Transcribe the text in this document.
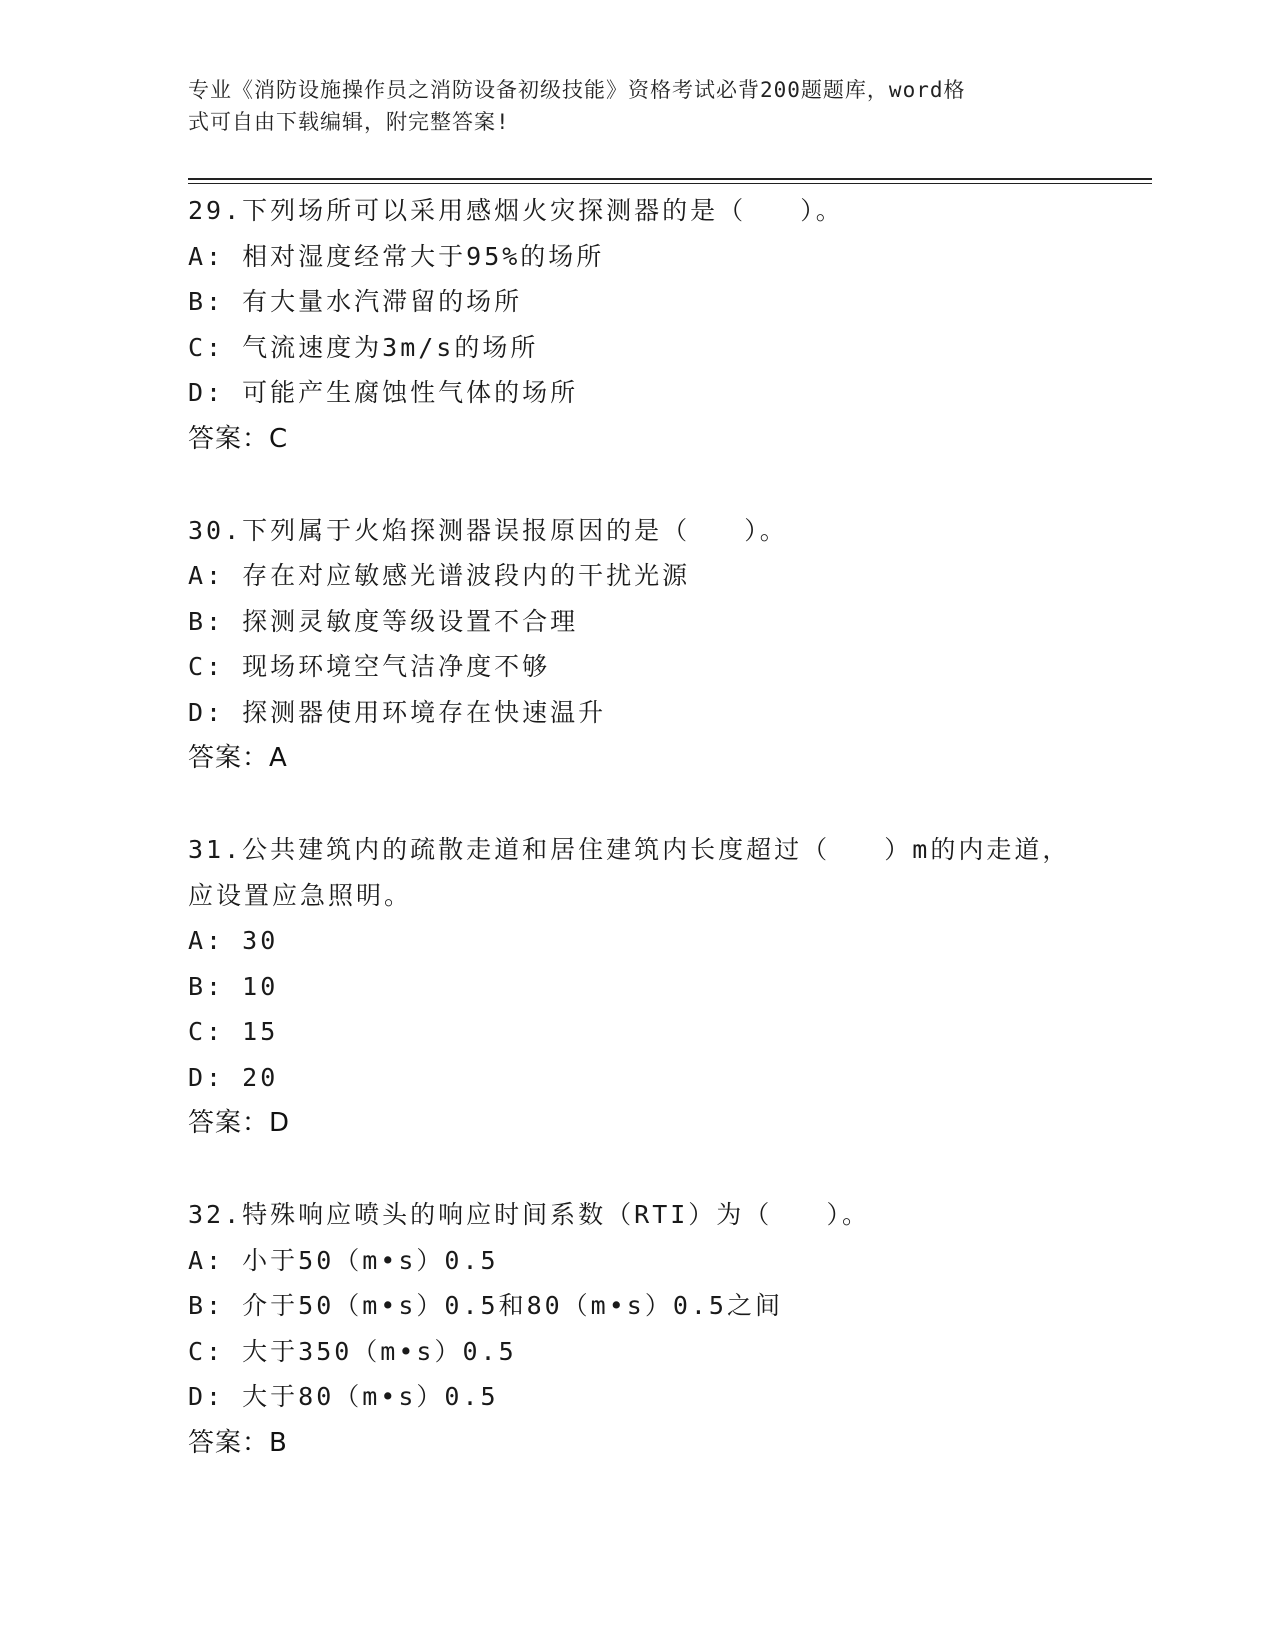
专业《消防设施操作员之消防设备初级技能》资格考试必背200题题库，word格
式可自由下载编辑，附完整答案!
29.下列场所可以采用感烟火灾探测器的是（   ）。
A: 相对湿度经常大于95%的场所
B: 有大量水汽滞留的场所
C: 气流速度为3m/s的场所
D: 可能产生腐蚀性气体的场所
答案：C
30.下列属于火焰探测器误报原因的是（   ）。
A: 存在对应敏感光谱波段内的干扰光源
B: 探测灵敏度等级设置不合理
C: 现场环境空气洁净度不够
D: 探测器使用环境存在快速温升
答案：A
31.公共建筑内的疏散走道和居住建筑内长度超过（   ）m的内走道，
应设置应急照明。
A: 30
B: 10
C: 15
D: 20
答案：D
32.特殊响应喷头的响应时间系数（RTI）为（   ）。
A: 小于50（m•s）0.5
B: 介于50（m•s）0.5和80（m•s）0.5之间
C: 大于350（m•s）0.5
D: 大于80（m•s）0.5
答案：B
